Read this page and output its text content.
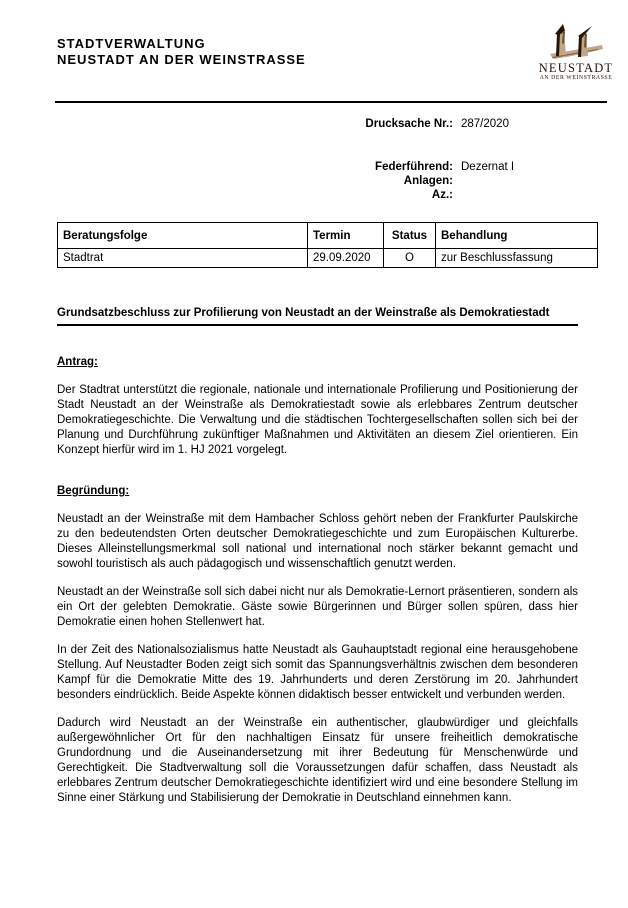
STADTVERWALTUNG
NEUSTADT AN DER WEINSTRASSE
NEUSTADT
AN DER WEINSTRASSE
Drucksache Nr.: 287/2020
Federführend: Dezernat I
Anlagen:
Az.:
Beratungsfolge	Termin	Status	Behandlung
Stadtrat	29.09.2020	O	zur Beschlussfassung
Grundsatzbeschluss zur Profilierung von Neustadt an der Weinstraße als Demokratiestadt
Antrag:

Der Stadtrat unterstützt die regionale, nationale und internationale Profilierung und Positionierung der Stadt Neustadt an der Weinstraße als Demokratiestadt sowie als erlebbares Zentrum deutscher Demokratiegeschichte. Die Verwaltung und die städtischen Tochtergesellschaften sollen sich bei der Planung und Durchführung zukünftiger Maßnahmen und Aktivitäten an diesem Ziel orientieren. Ein Konzept hierfür wird im 1. HJ 2021 vorgelegt.

Begründung:

Neustadt an der Weinstraße mit dem Hambacher Schloss gehört neben der Frankfurter Paulskirche zu den bedeutendsten Orten deutscher Demokratiegeschichte und zum Europäischen Kulturerbe. Dieses Alleinstellungsmerkmal soll national und international noch stärker bekannt gemacht und sowohl touristisch als auch pädagogisch und wissenschaftlich genutzt werden.

Neustadt an der Weinstraße soll sich dabei nicht nur als Demokratie-Lernort präsentieren, sondern als ein Ort der gelebten Demokratie. Gäste sowie Bürgerinnen und Bürger sollen spüren, dass hier Demokratie einen hohen Stellenwert hat.

In der Zeit des Nationalsozialismus hatte Neustadt als Gauhauptstadt regional eine herausgehobene Stellung. Auf Neustadter Boden zeigt sich somit das Spannungsverhältnis zwischen dem besonderen Kampf für die Demokratie Mitte des 19. Jahrhunderts und deren Zerstörung im 20. Jahrhundert besonders eindrücklich. Beide Aspekte können didaktisch besser entwickelt und verbunden werden.

Dadurch wird Neustadt an der Weinstraße ein authentischer, glaubwürdiger und gleichfalls außergewöhnlicher Ort für den nachhaltigen Einsatz für unsere freiheitlich demokratische Grundordnung und die Auseinandersetzung mit ihrer Bedeutung für Menschenwürde und Gerechtigkeit. Die Stadtverwaltung soll die Voraussetzungen dafür schaffen, dass Neustadt als erlebbares Zentrum deutscher Demokratiegeschichte identifiziert wird und eine besondere Stellung im Sinne einer Stärkung und Stabilisierung der Demokratie in Deutschland einnehmen kann.
